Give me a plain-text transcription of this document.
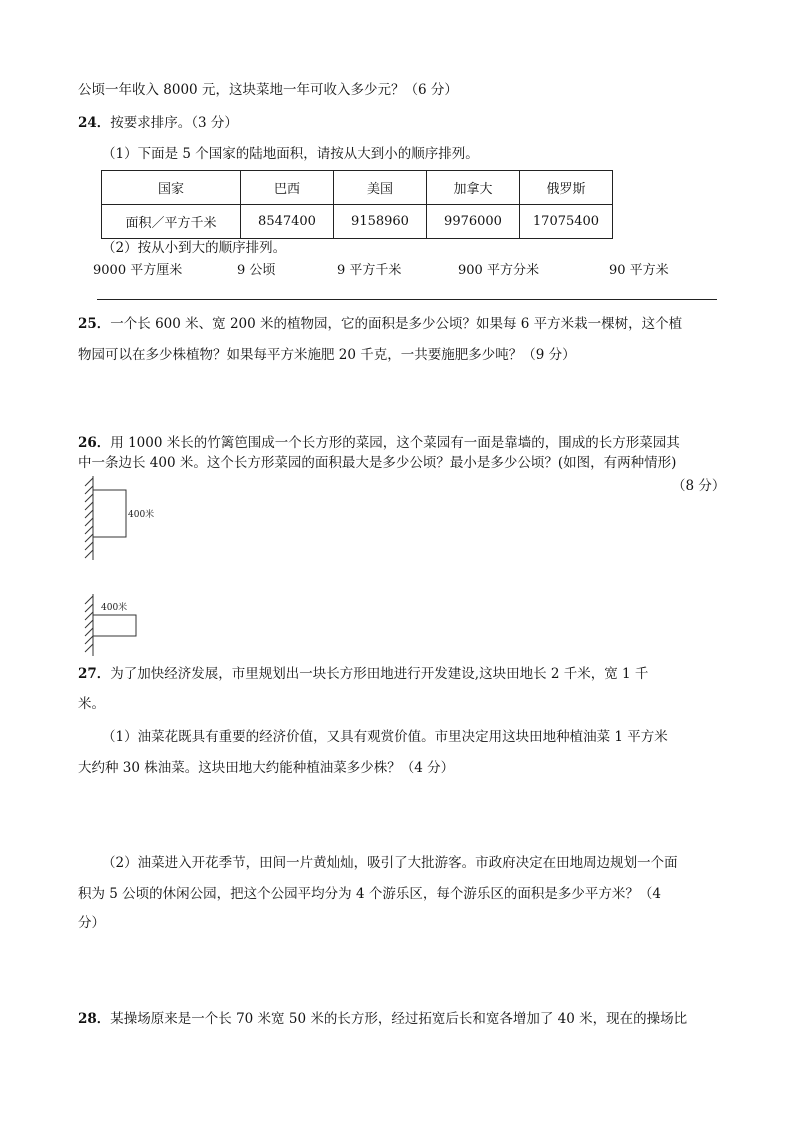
公顷一年收入 8000 元，这块菜地一年可收入多少元？（6 分）
24．按要求排序。（3 分）
（1）下面是 5 个国家的陆地面积，请按从大到小的顺序排列。
国家	巴西	美国	加拿大	俄罗斯
面积／平方千米	8547400	9158960	9976000	17075400
（2）按从小到大的顺序排列。
9000 平方厘米	9 公顷	9 平方千米	900 平方分米	90 平方米
25．一个长 600 米、宽 200 米的植物园，它的面积是多少公顷？如果每 6 平方米栽一棵树，这个植
物园可以在多少株植物？如果每平方米施肥 20 千克，一共要施肥多少吨？（9 分）
26．用 1000 米长的竹篱笆围成一个长方形的菜园，这个菜园有一面是靠墙的，围成的长方形菜园其
中一条边长 400 米。这个长方形菜园的面积最大是多少公顷？最小是多少公顷？(如图，有两种情形)
（8 分）
400米
400米
27．为了加快经济发展，市里规划出一块长方形田地进行开发建设,这块田地长 2 千米，宽 1 千
米。
（1）油菜花既具有重要的经济价值，又具有观赏价值。市里决定用这块田地种植油菜 1 平方米
大约种 30 株油菜。这块田地大约能种植油菜多少株？（4 分）
（2）油菜进入开花季节，田间一片黄灿灿，吸引了大批游客。市政府决定在田地周边规划一个面
积为 5 公顷的休闲公园，把这个公园平均分为 4 个游乐区，每个游乐区的面积是多少平方米？（4
分）
28．某操场原来是一个长 70 米宽 50 米的长方形，经过拓宽后长和宽各增加了 40 米，现在的操场比
